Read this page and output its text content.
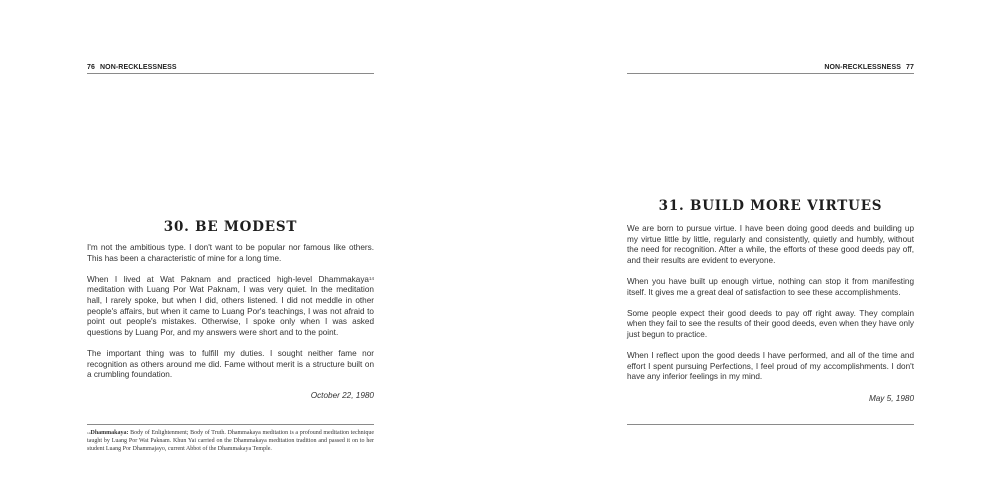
76 NON-RECKLESSNESS
30. BE MODEST

I'm not the ambitious type. I don't want to be popular nor famous like others. This has been a characteristic of mine for a long time.

When I lived at Wat Paknam and practiced high-level Dhammakaya$^{14}$ meditation with Luang Por Wat Paknam, I was very quiet. In the meditation hall, I rarely spoke, but when I did, others listened. I did not meddle in other people's affairs, but when it came to Luang Por's teachings, I was not afraid to point out people's mistakes. Otherwise, I spoke only when I was asked questions by Luang Por, and my answers were short and to the point.

The important thing was to fulfill my duties. I sought neither fame nor recognition as others around me did. Fame without merit is a structure built on a crumbling foundation.

October 22, 1980
$^{14}$Dhammakaya: Body of Enlightenment; Body of Truth. Dhammakaya meditation is a profound meditation technique taught by Luang Por Wat Paknam. Khun Yai carried on the Dhammakaya meditation tradition and passed it on to her student Luang Por Dhammajayo, current Abbot of the Dhammakaya Temple.
NON-RECKLESSNESS 77
31. BUILD MORE VIRTUES

We are born to pursue virtue. I have been doing good deeds and building up my virtue little by little, regularly and consistently, quietly and humbly, without the need for recognition. After a while, the efforts of these good deeds pay off, and their results are evident to everyone.

When you have built up enough virtue, nothing can stop it from manifesting itself. It gives me a great deal of satisfaction to see these accomplishments.

Some people expect their good deeds to pay off right away. They complain when they fail to see the results of their good deeds, even when they have only just begun to practice.

When I reflect upon the good deeds I have performed, and all of the time and effort I spent pursuing Perfections, I feel proud of my accomplishments. I don't have any inferior feelings in my mind.

May 5, 1980
